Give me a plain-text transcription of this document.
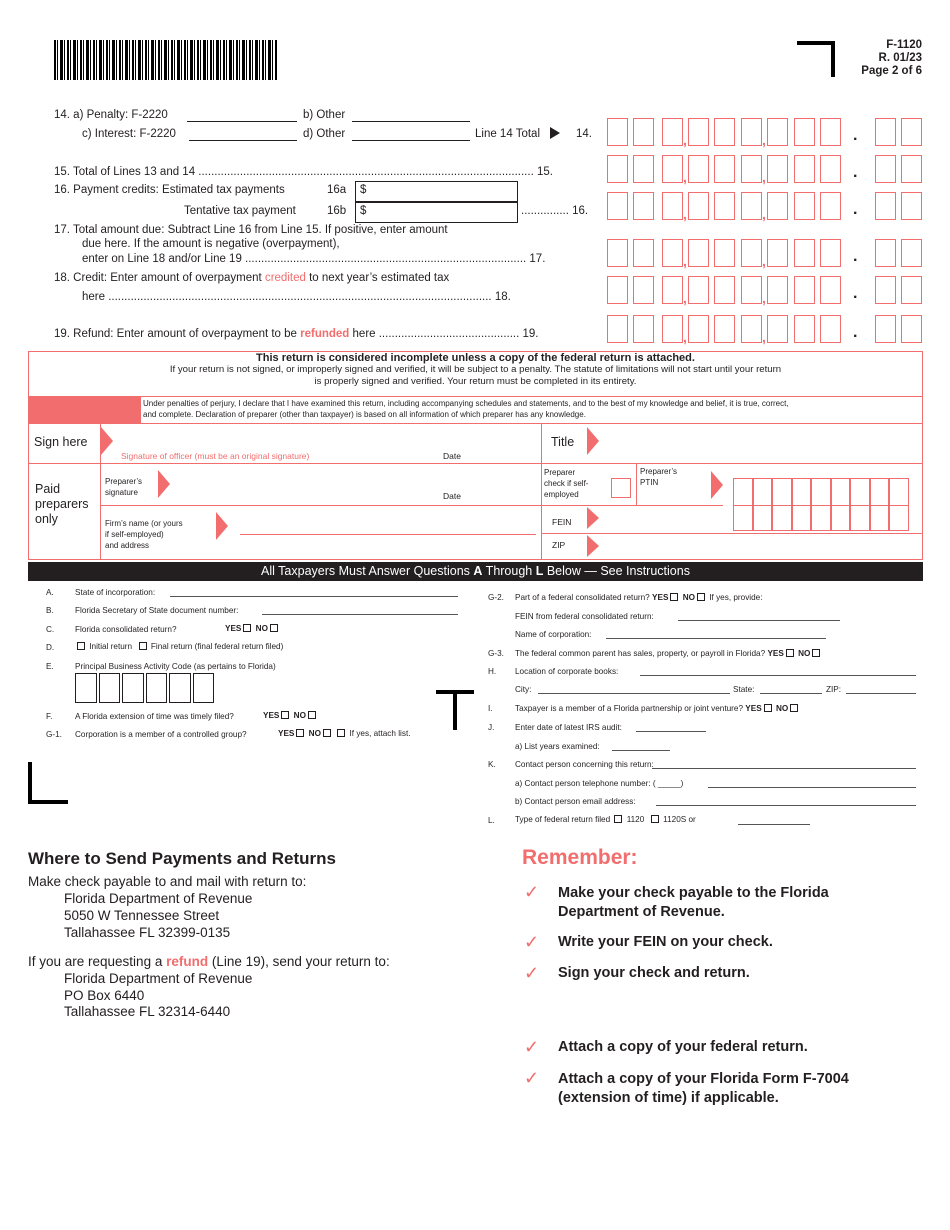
F-1120
R. 01/23
Page 2 of 6
14. a) Penalty: F-2220	b) Other
c) Interest: F-2220	d) Other	Line 14 Total	14.
15. Total of Lines 13 and 14 ......................................................................................................... 15.
16. Payment credits: Estimated tax payments	16a	$
Tentative tax payment	16b	$	............... 16.
17. Total amount due: Subtract Line 16 from Line 15. If positive, enter amount
due here. If the amount is negative (overpayment),
enter on Line 18 and/or Line 19 ........................................................................................ 17.
18. Credit: Enter amount of overpayment credited to next year’s estimated tax
here ........................................................................................................................ 18.
19. Refund: Enter amount of overpayment to be refunded here ............................................ 19.
,	,	.
,	,	.
,	,	.
,	,	.
,	,	.
,	,	.
This return is considered incomplete unless a copy of the federal return is attached.
If your return is not signed, or improperly signed and verified, it will be subject to a penalty. The statute of limitations will not start until your return
is properly signed and verified. Your return must be completed in its entirety.
Under penalties of perjury, I declare that I have examined this return, including accompanying schedules and statements, and to the best of my knowledge and belief, it is true, correct,
and complete. Declaration of preparer (other than taxpayer) is based on all information of which preparer has any knowledge.
Sign here
Signature of officer (must be an original signature)	Date
Title
Paid
preparers
only
Preparer’s
signature	Date
Preparer
check if self-
employed
Preparer’s
PTIN
Firm’s name (or yours
if self-employed)
and address
FEIN
ZIP
All Taxpayers Must Answer Questions A Through L Below — See Instructions
A.	State of incorporation:
B.	Florida Secretary of State document number:
C.	Florida consolidated return?	YES NO
D.	Initial return Final return (final federal return filed)
E.	Principal Business Activity Code (as pertains to Florida)
F.	A Florida extension of time was timely filed?	YES NO
G-1. Corporation is a member of a controlled group?	YES NO	If yes, attach list.
G-2. Part of a federal consolidated return? YES NO If yes, provide:
FEIN from federal consolidated return:
Name of corporation:
G-3. The federal common parent has sales, property, or payroll in Florida? YES NO
H. Location of corporate books:
City:	State:	ZIP:
I.	Taxpayer is a member of a Florida partnership or joint venture? YES NO
J.	Enter date of latest IRS audit:
a) List years examined:
K. Contact person concerning this return:
a) Contact person telephone number: ( _____)
b) Contact person email address:
L. Type of federal return filed 1120 1120S or
Where to Send Payments and Returns
Make check payable to and mail with return to:
Florida Department of Revenue
5050 W Tennessee Street
Tallahassee FL 32399-0135
If you are requesting a refund (Line 19), send your return to:
Florida Department of Revenue
PO Box 6440
Tallahassee FL 32314-6440
Remember:
✓ Make your check payable to the Florida
Department of Revenue.
✓ Write your FEIN on your check.
✓ Sign your check and return.
✓ Attach a copy of your federal return.
✓ Attach a copy of your Florida Form F-7004
(extension of time) if applicable.
